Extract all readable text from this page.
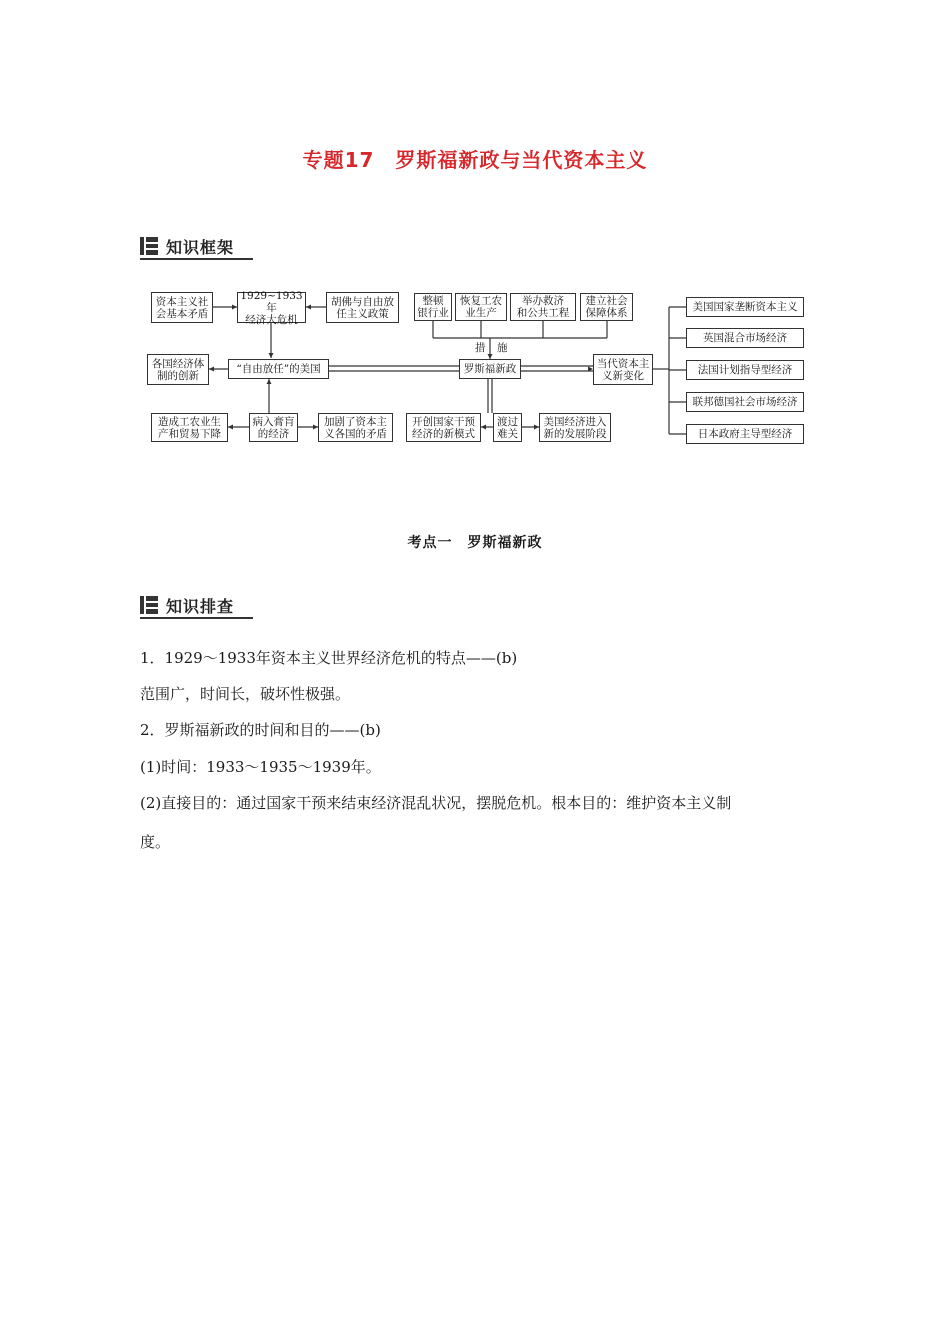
专题17　罗斯福新政与当代资本主义
知识框架
资本主义社
会基本矛盾
1929~1933 年
经济大危机
胡佛与自由放
任主义政策
各国经济体
制的创新
“自由放任”的美国
造成工农业生
产和贸易下降
病入膏肓
的经济
加剧了资本主
义各国的矛盾
整顿
银行业
恢复工农
业生产
举办救济
和公共工程
建立社会
保障体系
措 施
罗斯福新政	当代资本主
义新变化
开创国家干预
经济的新模式
渡过
难关
美国经济进入
新的发展阶段
美国国家垄断资本主义
英国混合市场经济
法国计划指导型经济
联邦德国社会市场经济
日本政府主导型经济
考点一　罗斯福新政
知识排查
1．1929～1933年资本主义世界经济危机的特点——(b)
范围广，时间长，破坏性极强。
2．罗斯福新政的时间和目的——(b)
(1)时间：1933～1935～1939年。
(2)直接目的：通过国家干预来结束经济混乱状况，摆脱危机。根本目的：维护资本主义制
度。
